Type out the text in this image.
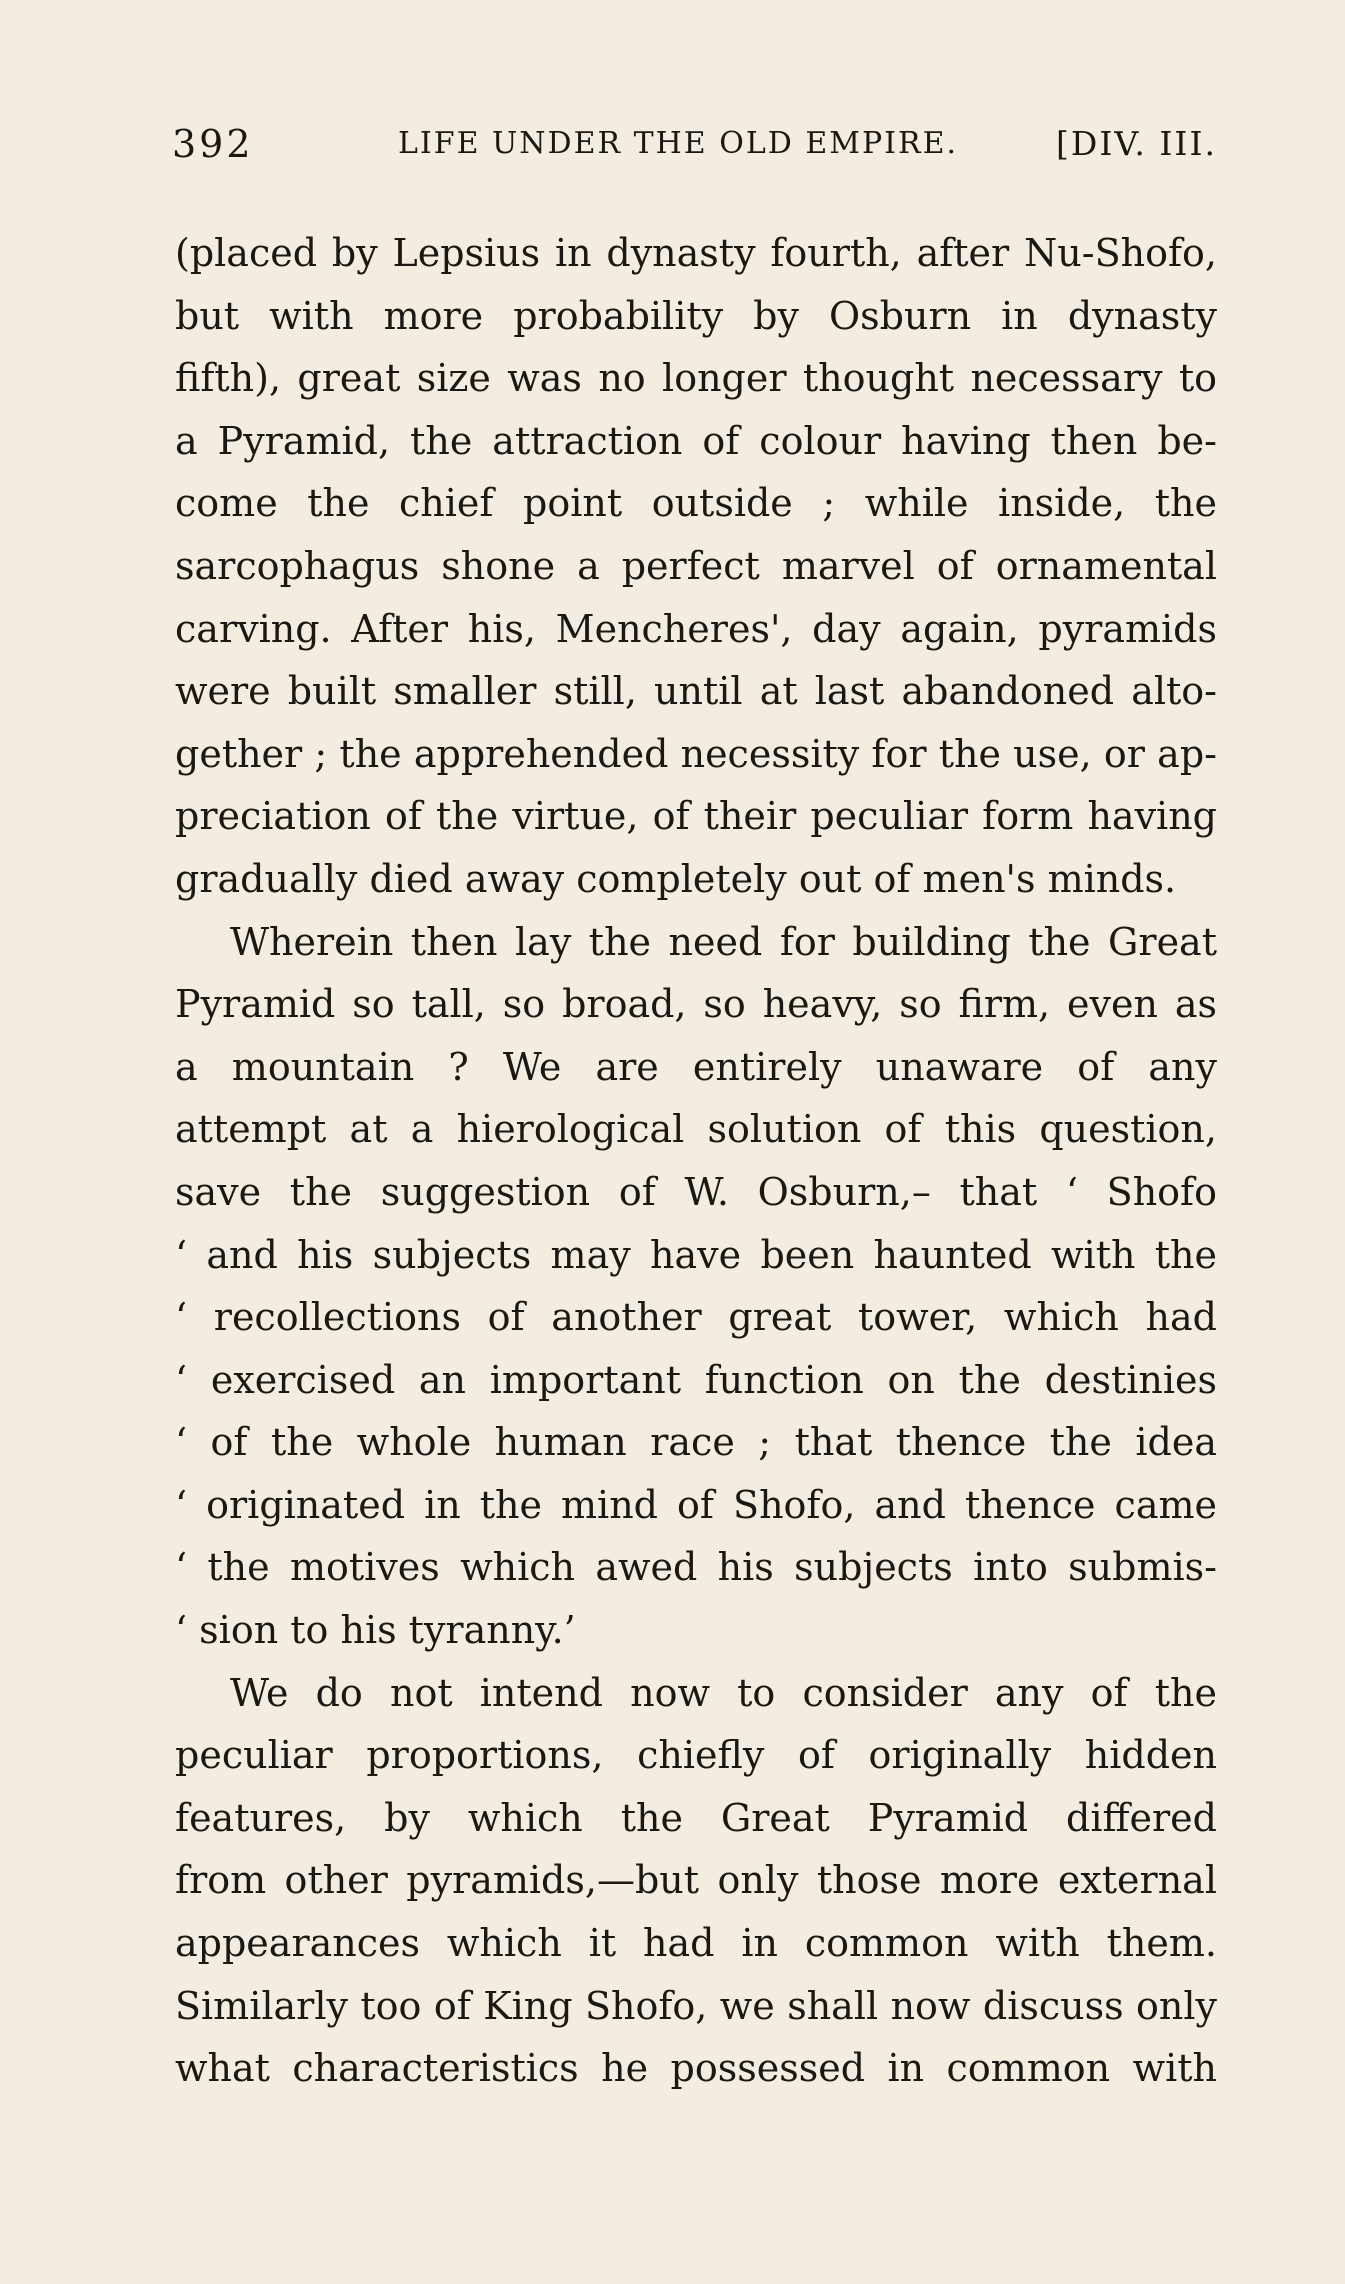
392	LIFE UNDER THE OLD EMPIRE.	[DIV. III.
(placed by Lepsius in dynasty fourth, after Nu-Shofo,
but with more probability by Osburn in dynasty
fifth), great size was no longer thought necessary to
a Pyramid, the attraction of colour having then be-
come the chief point outside ; while inside, the
sarcophagus shone a perfect marvel of ornamental
carving. After his, Mencheres', day again, pyramids
were built smaller still, until at last abandoned alto-
gether ; the apprehended necessity for the use, or ap-
preciation of the virtue, of their peculiar form having
gradually died away completely out of men's minds.
Wherein then lay the need for building the Great
Pyramid so tall, so broad, so heavy, so firm, even as
a mountain ? We are entirely unaware of any
attempt at a hierological solution of this question,
save the suggestion of W. Osburn,– that ‘ Shofo
‘ and his subjects may have been haunted with the
‘ recollections of another great tower, which had
‘ exercised an important function on the destinies
‘ of the whole human race ; that thence the idea
‘ originated in the mind of Shofo, and thence came
‘ the motives which awed his subjects into submis-
‘ sion to his tyranny.’
We do not intend now to consider any of the
peculiar proportions, chiefly of originally hidden
features, by which the Great Pyramid differed
from other pyramids,—but only those more external
appearances which it had in common with them.
Similarly too of King Shofo, we shall now discuss only
what characteristics he possessed in common with
